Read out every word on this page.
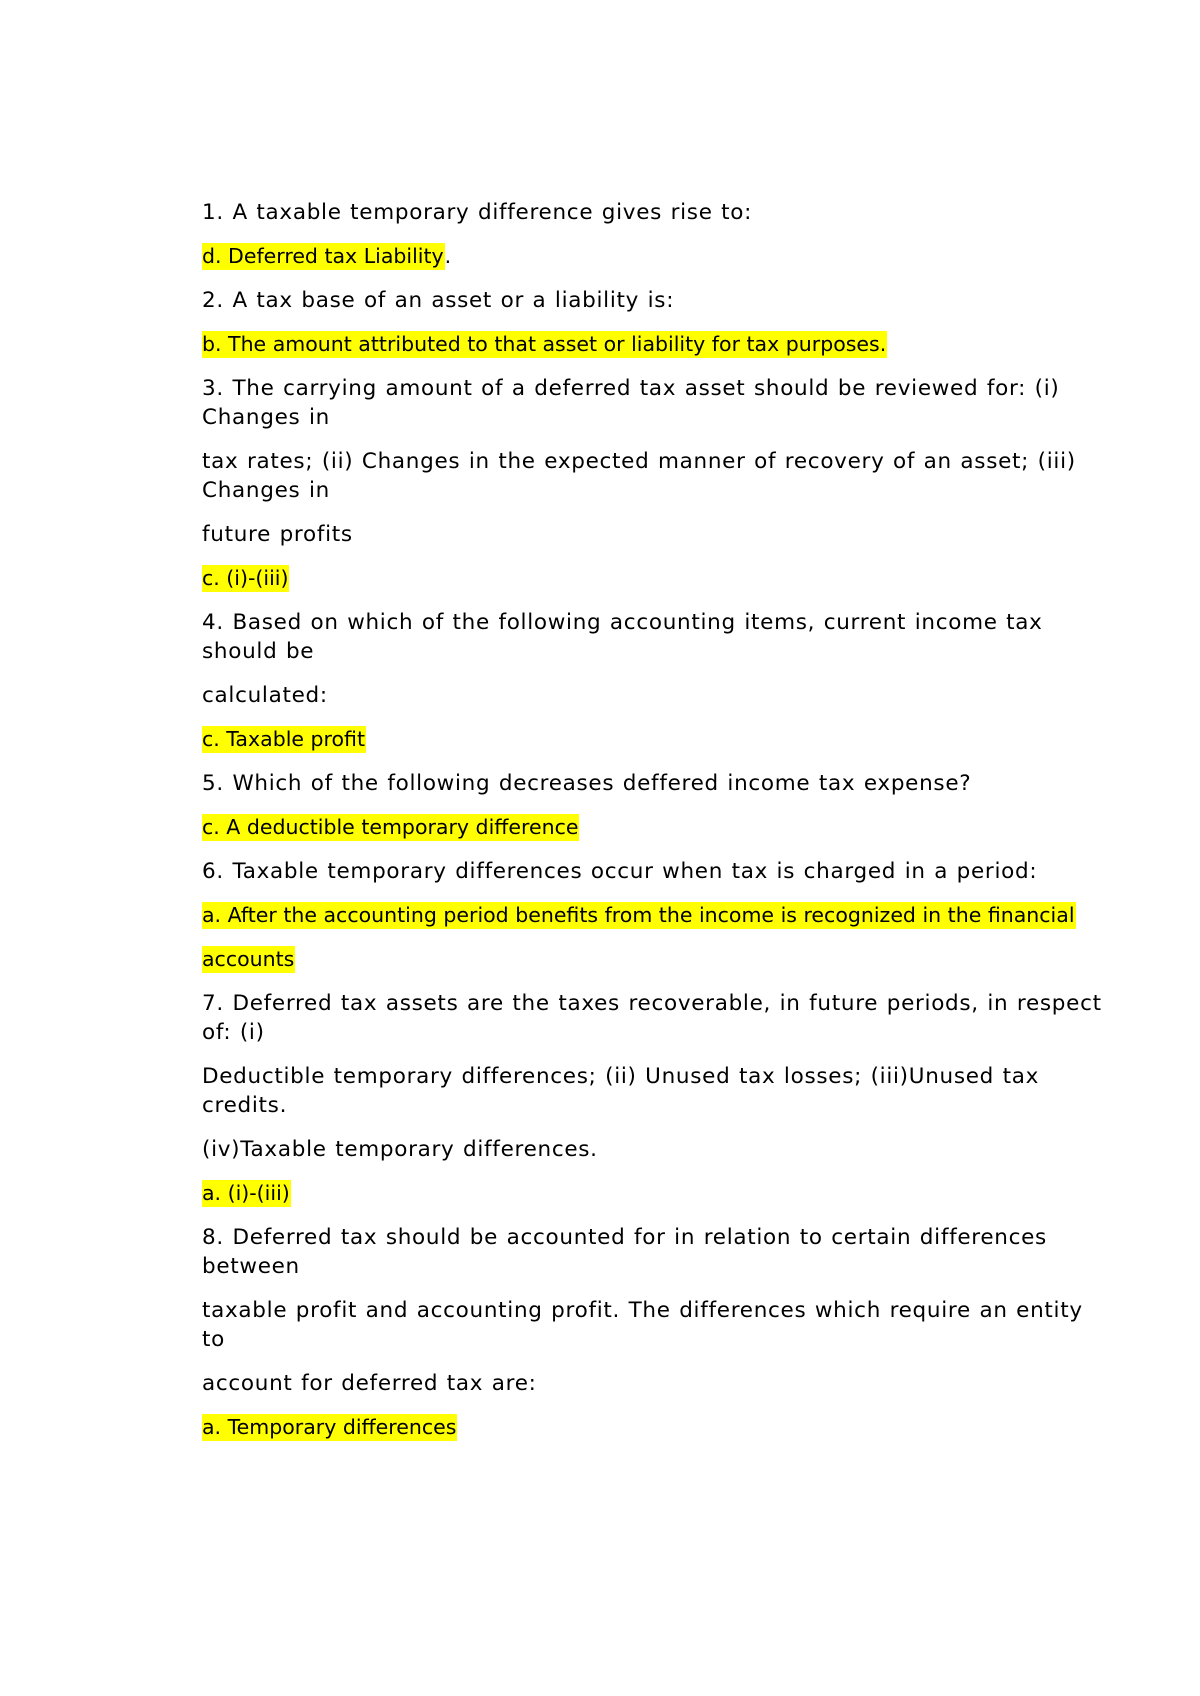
1. A taxable temporary difference gives rise to:

d. Deferred tax Liability.

2. A tax base of an asset or a liability is:

b. The amount attributed to that asset or liability for tax purposes.

3. The carrying amount of a deferred tax asset should be reviewed for: (i) Changes in

tax rates; (ii) Changes in the expected manner of recovery of an asset; (iii) Changes in

future profits

c. (i)-(iii)

4. Based on which of the following accounting items, current income tax should be

calculated:

c. Taxable profit

5. Which of the following decreases deffered income tax expense?

c. A deductible temporary difference

6. Taxable temporary differences occur when tax is charged in a period:

a. After the accounting period benefits from the income is recognized in the financial

accounts

7. Deferred tax assets are the taxes recoverable, in future periods, in respect of: (i)

Deductible temporary differences; (ii) Unused tax losses; (iii)Unused tax credits.

(iv)Taxable temporary differences.

a. (i)-(iii)

8. Deferred tax should be accounted for in relation to certain differences between

taxable profit and accounting profit. The differences which require an entity to

account for deferred tax are:

a. Temporary differences
